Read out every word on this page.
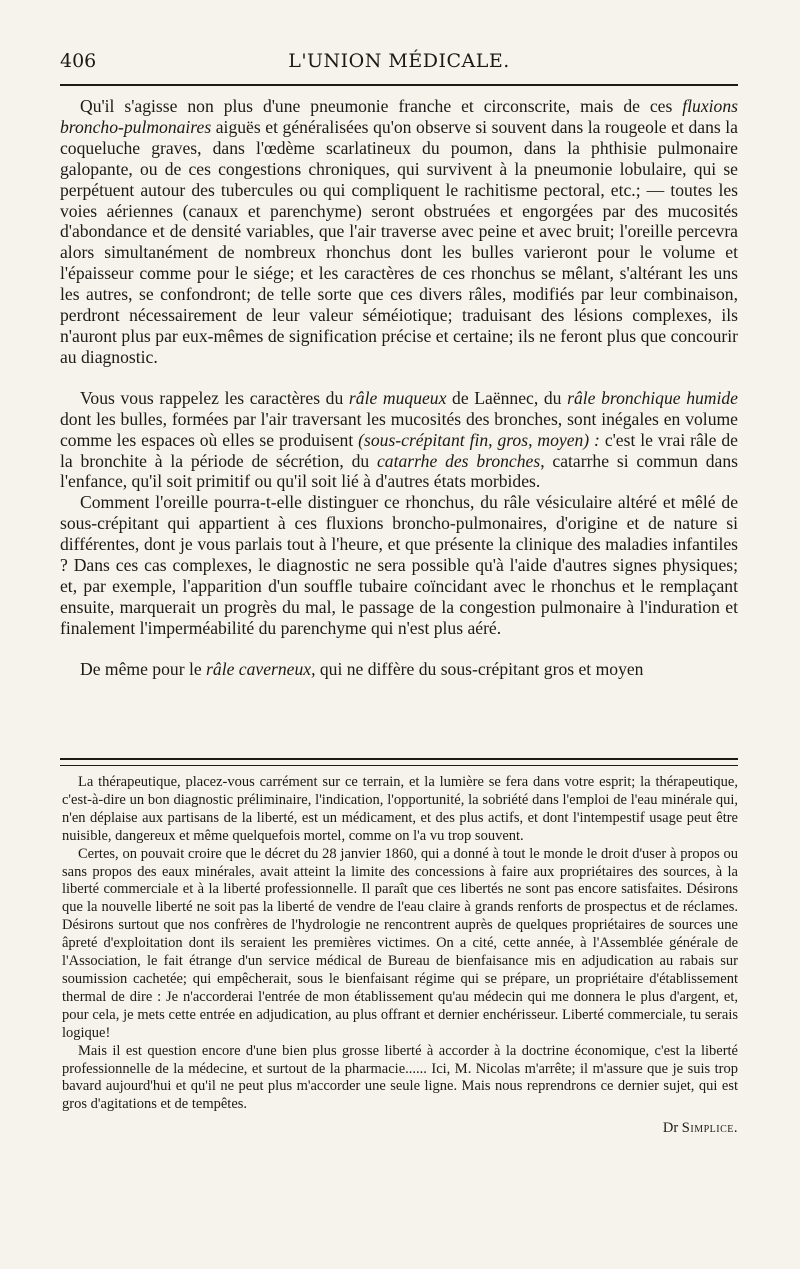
406	L'UNION MÉDICALE.

Qu'il s'agisse non plus d'une pneumonie franche et circonscrite, mais de ces fluxions broncho-pulmonaires aiguës et généralisées qu'on observe si souvent dans la rougeole et dans la coqueluche graves, dans l'œdème scarlatineux du poumon, dans la phthisie pulmonaire galopante, ou de ces congestions chroniques, qui survivent à la pneumonie lobulaire, qui se perpétuent autour des tubercules ou qui compliquent le rachitisme pectoral, etc.; — toutes les voies aériennes (canaux et parenchyme) seront obstruées et engorgées par des mucosités d'abondance et de densité variables, que l'air traverse avec peine et avec bruit; l'oreille percevra alors simultanément de nombreux rhonchus dont les bulles varieront pour le volume et l'épaisseur comme pour le siége; et les caractères de ces rhonchus se mêlant, s'altérant les uns les autres, se confondront; de telle sorte que ces divers râles, modifiés par leur combinaison, perdront nécessairement de leur valeur séméiotique; traduisant des lésions complexes, ils n'auront plus par eux-mêmes de signification précise et certaine; ils ne feront plus que concourir au diagnostic.

Vous vous rappelez les caractères du râle muqueux de Laënnec, du râle bronchique humide dont les bulles, formées par l'air traversant les mucosités des bronches, sont inégales en volume comme les espaces où elles se produisent (sous-crépitant fin, gros, moyen) : c'est le vrai râle de la bronchite à la période de sécrétion, du catarrhe des bronches, catarrhe si commun dans l'enfance, qu'il soit primitif ou qu'il soit lié à d'autres états morbides.

Comment l'oreille pourra-t-elle distinguer ce rhonchus, du râle vésiculaire altéré et mêlé de sous-crépitant qui appartient à ces fluxions broncho-pulmonaires, d'origine et de nature si différentes, dont je vous parlais tout à l'heure, et que présente la clinique des maladies infantiles ? Dans ces cas complexes, le diagnostic ne sera possible qu'à l'aide d'autres signes physiques; et, par exemple, l'apparition d'un souffle tubaire coïncidant avec le rhonchus et le remplaçant ensuite, marquerait un progrès du mal, le passage de la congestion pulmonaire à l'induration et finalement l'imperméabilité du parenchyme qui n'est plus aéré.

De même pour le râle caverneux, qui ne diffère du sous-crépitant gros et moyen

La thérapeutique, placez-vous carrément sur ce terrain, et la lumière se fera dans votre esprit; la thérapeutique, c'est-à-dire un bon diagnostic préliminaire, l'indication, l'opportunité, la sobriété dans l'emploi de l'eau minérale qui, n'en déplaise aux partisans de la liberté, est un médicament, et des plus actifs, et dont l'intempestif usage peut être nuisible, dangereux et même quelquefois mortel, comme on l'a vu trop souvent.

Certes, on pouvait croire que le décret du 28 janvier 1860, qui a donné à tout le monde le droit d'user à propos ou sans propos des eaux minérales, avait atteint la limite des concessions à faire aux propriétaires des sources, à la liberté commerciale et à la liberté professionnelle. Il paraît que ces libertés ne sont pas encore satisfaites. Désirons que la nouvelle liberté ne soit pas la liberté de vendre de l'eau claire à grands renforts de prospectus et de réclames. Désirons surtout que nos confrères de l'hydrologie ne rencontrent auprès de quelques propriétaires de sources une âpreté d'exploitation dont ils seraient les premières victimes. On a cité, cette année, à l'Assemblée générale de l'Association, le fait étrange d'un service médical de Bureau de bienfaisance mis en adjudication au rabais sur soumission cachetée; qui empêcherait, sous le bienfaisant régime qui se prépare, un propriétaire d'établissement thermal de dire : Je n'accorderai l'entrée de mon établissement qu'au médecin qui me donnera le plus d'argent, et, pour cela, je mets cette entrée en adjudication, au plus offrant et dernier enchérisseur. Liberté commerciale, tu serais logique!

Mais il est question encore d'une bien plus grosse liberté à accorder à la doctrine économique, c'est la liberté professionnelle de la médecine, et surtout de la pharmacie...... Ici, M. Nicolas m'arrête; il m'assure que je suis trop bavard aujourd'hui et qu'il ne peut plus m'accorder une seule ligne. Mais nous reprendrons ce dernier sujet, qui est gros d'agitations et de tempêtes.

Dr Simplice.
